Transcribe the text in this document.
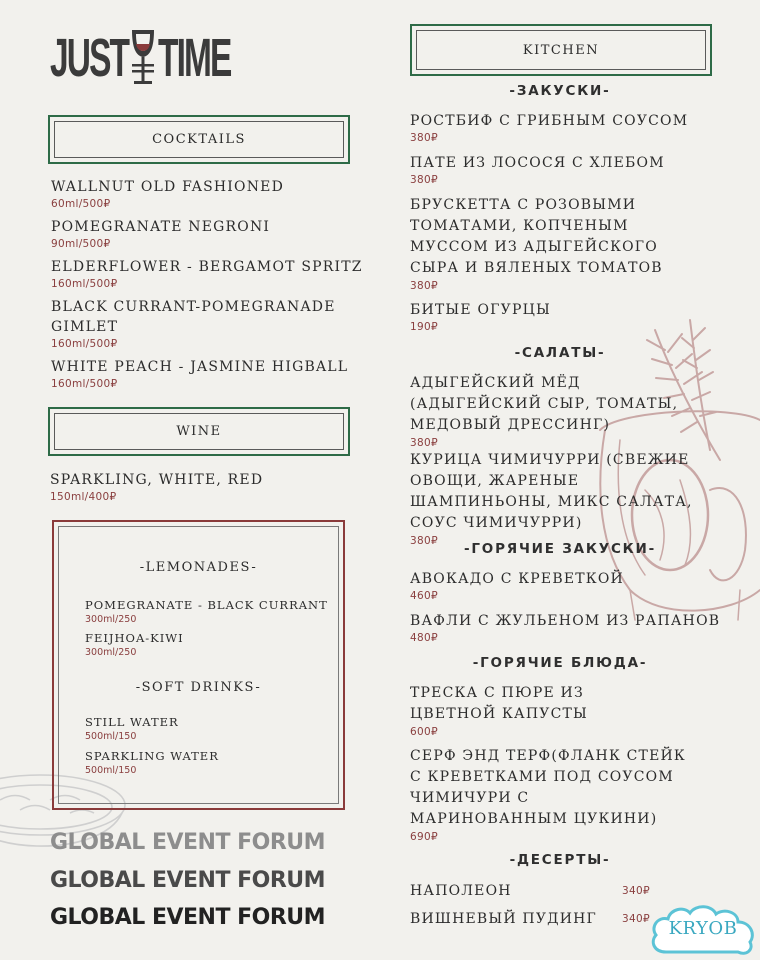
JUST TIME
COCKTAILS
WALLNUT OLD FASHIONED
60ml/500₽
POMEGRANATE NEGRONI
90ml/500₽
ELDERFLOWER - BERGAMOT SPRITZ
160ml/500₽
BLACK CURRANT-POMEGRANADE GIMLET
160ml/500₽
WHITE PEACH - JASMINE HIGBALL
160ml/500₽
WINE
SPARKLING, WHITE, RED
150ml/400₽
-LEMONADES-
POMEGRANATE - BLACK CURRANT
300ml/250
FEIJHOA-KIWI
300ml/250
-SOFT DRINKS-
STILL WATER
500ml/150
SPARKLING WATER
500ml/150
GLOBAL EVENT FORUM
GLOBAL EVENT FORUM
GLOBAL EVENT FORUM
KITCHEN
-ЗАКУСКИ-
РОСТБИФ С ГРИБНЫМ СОУСОМ
380₽
ПАТЕ ИЗ ЛОСОСЯ С ХЛЕБОМ
380₽
БРУСКЕТТА С РОЗОВЫМИ ТОМАТАМИ, КОПЧЕНЫМ МУССОМ ИЗ АДЫГЕЙСКОГО СЫРА И ВЯЛЕНЫХ ТОМАТОВ
380₽
БИТЫЕ ОГУРЦЫ
190₽
-САЛАТЫ-
АДЫГЕЙСКИЙ МЁД (АДЫГЕЙСКИЙ СЫР, ТОМАТЫ, МЕДОВЫЙ ДРЕССИНГ)
380₽
КУРИЦА ЧИМИЧУРРИ (СВЕЖИЕ ОВОЩИ, ЖАРЕНЫЕ ШАМПИНЬОНЫ, МИКС САЛАТА, СОУС ЧИМИЧУРРИ)
380₽	-ГОРЯЧИЕ ЗАКУСКИ-
АВОКАДО С КРЕВЕТКОЙ
460₽
ВАФЛИ С ЖУЛЬЕНОМ ИЗ РАПАНОВ
480₽
-ГОРЯЧИЕ БЛЮДА-
ТРЕСКА С ПЮРЕ ИЗ ЦВЕТНОЙ КАПУСТЫ
600₽
СЕРФ ЭНД ТЕРФ(ФЛАНК СТЕЙК С КРЕВЕТКАМИ ПОД СОУСОМ ЧИМИЧУРИ С МАРИНОВАННЫМ ЦУКИНИ)
690₽
-ДЕСЕРТЫ-
НАПОЛЕОН	340₽
ВИШНЕВЫЙ ПУДИНГ 340₽	KRYOB
